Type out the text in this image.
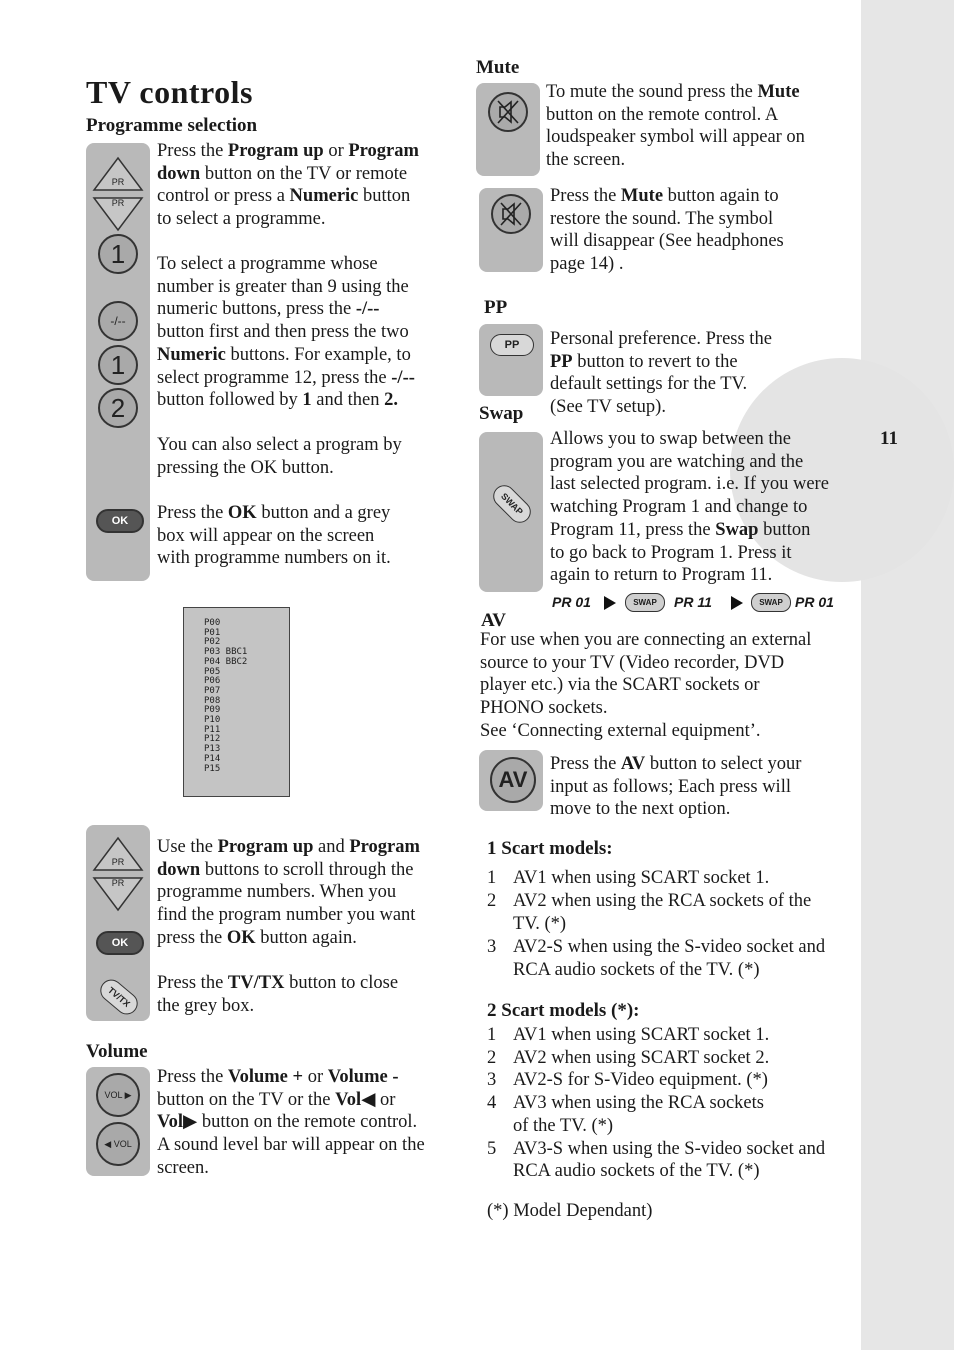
11
TV controls
Programme selection
PR
PR
1
-/--
1
2
OK
Press the Program up or Program
down button on the TV or remote
control or press a Numeric button
to select a programme.
To select a programme whose
number is greater than 9 using the
numeric buttons, press the -/--
button first and then press the two
Numeric buttons. For example, to
select programme 12, press the -/--
button followed by 1 and then 2.
You can also select a program by
pressing the OK button.
Press the OK button and a grey
box will appear on the screen
with programme numbers on it.
P00
P01
P02
P03 BBC1
P04 BBC2
P05
P06
P07
P08
P09
P10
P11
P12
P13
P14
P15
PR
PR
OK
TV/TX
Use the Program up and Program
down buttons to scroll through the
programme numbers. When you
find the program number you want
press the OK button again.
Press the TV/TX button to close
the grey box.
Volume
VOL ▶
◀ VOL
Press the Volume + or Volume -
button on the TV or the Vol◀ or
Vol▶ button on the remote control.
A sound level bar will appear on the
screen.
Mute
To mute the sound press the Mute
button on the remote control. A
loudspeaker symbol will appear on
the screen.
Press the Mute button again to
restore the sound. The symbol
will disappear (See headphones
page 14) .
PP
PP	Personal preference. Press the
PP button to revert to the
default settings for the TV.
(See TV setup).
Swap
SWAP
Allows you to swap between the
program you are watching and the
last selected program. i.e. If you were
watching Program 1 and change to
Program 11, press the Swap button
to go back to Program 1. Press it
again to return to Program 11.
PR 01	SWAP	PR 11	SWAP PR 01
AV
For use when you are connecting an external
source to your TV (Video recorder, DVD
player etc.) via the SCART sockets or
PHONO sockets.
See ‘Connecting external equipment’.
AV
Press the AV button to select your
input as follows; Each press will
move to the next option.
1 Scart models:
1 AV1 when using SCART socket 1.
2 AV2 when using the RCA sockets of the
TV. (*)
3 AV2-S when using the S-video socket and
RCA audio sockets of the TV. (*)
2 Scart models (*):
1 AV1 when using SCART socket 1.
2 AV2 when using SCART socket 2.
3 AV2-S for S-Video equipment. (*)
4 AV3 when using the RCA sockets
of the TV. (*)
5 AV3-S when using the S-video socket and
RCA audio sockets of the TV. (*)
(*) Model Dependant)
